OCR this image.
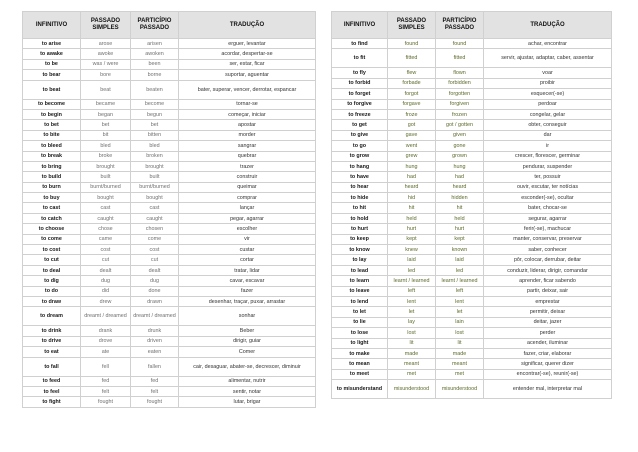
INFINITIVO	PASSADO SIMPLES	PARTICÍPIO PASSADO	TRADUÇÃO
to arise	arose	arisen	erguer, levantar
to awake	awoke	awoken	acordar, despertar-se
to be	was / were	been	ser, estar, ficar
to bear	bore	borne	suportar, aguentar
to beat	beat	beaten	bater, superar, vencer, derrotar, espancar
to become	became	become	tornar-se
to begin	began	begun	começar, iniciar
to bet	bet	bet	apostar
to bite	bit	bitten	morder
to bleed	bled	bled	sangrar
to break	broke	broken	quebrar
to bring	brought	brought	trazer
to build	built	built	construir
to burn	burnt/burned	burnt/burned	queimar
to buy	bought	bought	comprar
to cast	cast	cast	lançar
to catch	caught	caught	pegar, agarrar
to choose	chose	chosen	escolher
to come	came	come	vir
to cost	cost	cost	custar
to cut	cut	cut	cortar
to deal	dealt	dealt	tratar, lidar
to dig	dug	dug	cavar, escavar
to do	did	done	fazer
to draw	drew	drawn	desenhar, traçar, puxar, arrastar
to dream	dreamt / dreamed	dreamt / dreamed	sonhar
to drink	drank	drunk	Beber
to drive	drove	driven	dirigir, guiar
to eat	ate	eaten	Comer
to fall	fell	fallen	cair, desaguar, abater-se, decrescer, diminuir
to feed	fed	fed	alimentar, nutrir
to feel	felt	felt	sentir, notar
to fight	fought	fought	lutar, brigar
INFINITIVO	PASSADO SIMPLES	PARTICÍPIO PASSADO	TRADUÇÃO
to find	found	found	achar, encontrar
to fit	fitted	fitted	servir, ajustar, adaptar, caber, assentar
to fly	flew	flown	voar
to forbid	forbade	forbidden	proibir
to forget	forgot	forgotten	esquecer(-se)
to forgive	forgave	forgiven	perdoar
to freeze	froze	frozen	congelar, gelar
to get	got	got / gotten	obter, conseguir
to give	gave	given	dar
to go	went	gone	ir
to grow	grew	grown	crescer, florescer, germinar
to hang	hung	hung	pendurar, suspender
to have	had	had	ter, possuir
to hear	heard	heard	ouvir, escutar, ter notícias
to hide	hid	hidden	esconder(-se), ocultar
to hit	hit	hit	bater, chocar-se
to hold	held	held	segurar, agarrar
to hurt	hurt	hurt	ferir(-se), machucar
to keep	kept	kept	manter, conservar, preservar
to know	knew	known	saber, conhecer
to lay	laid	laid	pôr, colocar, derrubar, deitar
to lead	led	led	conduzir, liderar, dirigir, comandar
to learn	learnt / learned	learnt / learned	aprender, ficar sabendo
to leave	left	left	partir, deixar, sair
to lend	lent	lent	emprestar
to let	let	let	permitir, deixar
to lie	lay	lain	deitar, jazer
to lose	lost	lost	perder
to light	lit	lit	acender, iluminar
to make	made	made	fazer, criar, elaborar
to mean	meant	meant	significar, querer dizer
to meet	met	met	encontrar(-se), reunir(-se)
to misunderstand	misunderstood	misunderstood	entender mal, interpretar mal
